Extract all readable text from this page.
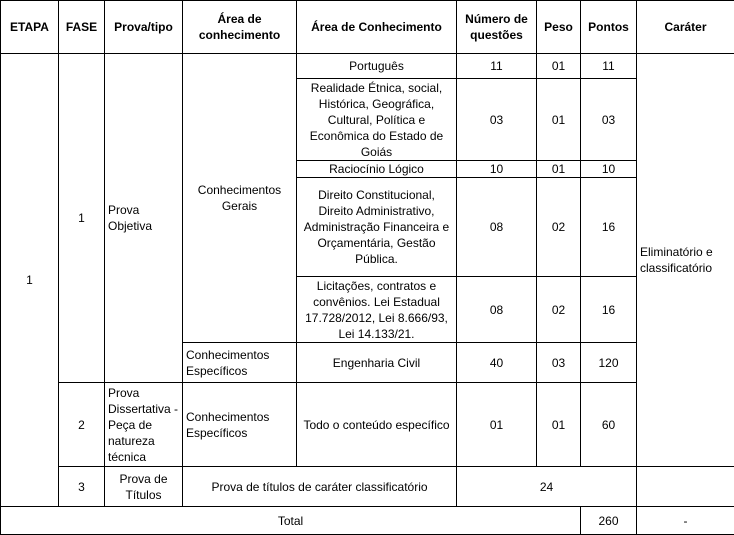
ETAPA	FASE	Prova/tipo	Área de conhecimento	Área de Conhecimento	Número de questões	Peso	Pontos	Caráter
1	1	Prova Objetiva	Conhecimentos Gerais	Português	11	01	11	Eliminatório e classificatório
				Realidade Étnica, social, Histórica, Geográfica, Cultural, Política e Econômica do Estado de Goiás	03	01	03	
				Raciocínio Lógico	10	01	10	
				Direito Constitucional, Direito Administrativo, Administração Financeira e Orçamentária, Gestão Pública.	08	02	16	
				Licitações, contratos e convênios. Lei Estadual 17.728/2012, Lei 8.666/93, Lei 14.133/21.	08	02	16	
			Conhecimentos Específicos	Engenharia Civil	40	03	120	
	2	Prova Dissertativa - Peça de natureza técnica	Conhecimentos Específicos	Todo o conteúdo específico	01	01	60	
	3	Prova de Títulos	Prova de títulos de caráter classificatório		24			
Total							260	-
